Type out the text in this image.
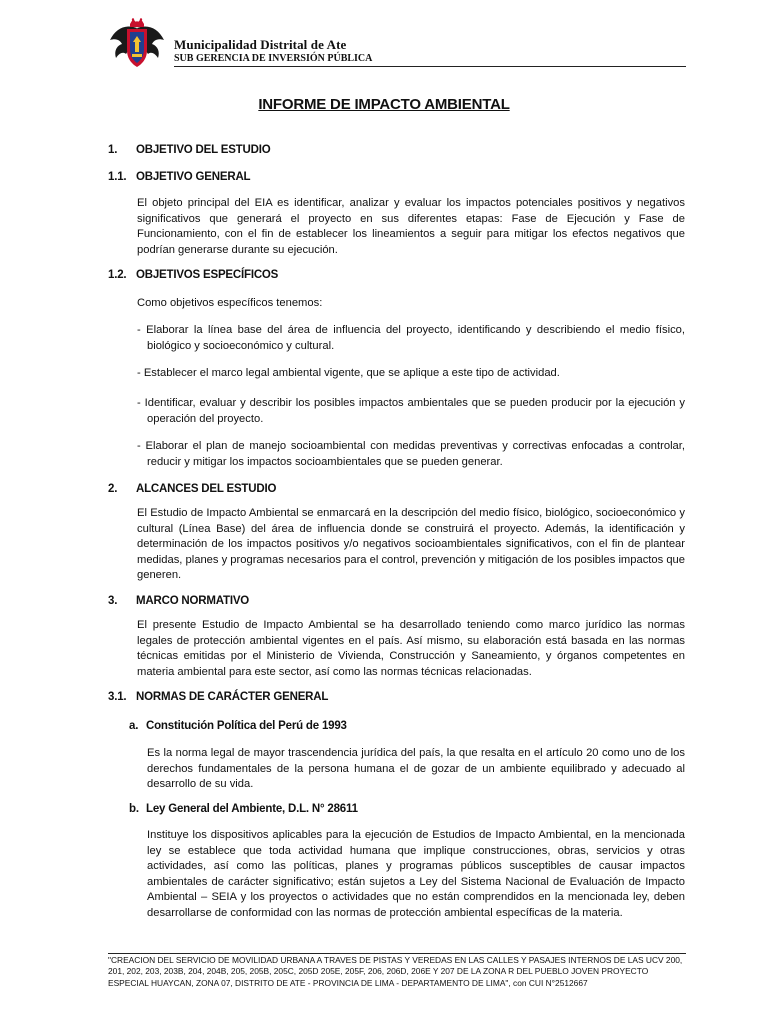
Municipalidad Distrital de Ate
SUB GERENCIA DE INVERSIÓN PÚBLICA
INFORME DE IMPACTO AMBIENTAL
1. OBJETIVO DEL ESTUDIO
1.1. OBJETIVO GENERAL
El objeto principal del EIA es identificar, analizar y evaluar los impactos potenciales positivos y negativos significativos que generará el proyecto en sus diferentes etapas: Fase de Ejecución y Fase de Funcionamiento, con el fin de establecer los lineamientos a seguir para mitigar los efectos negativos que podrían generarse durante su ejecución.
1.2. OBJETIVOS ESPECÍFICOS
Como objetivos específicos tenemos:
- Elaborar la línea base del área de influencia del proyecto, identificando y describiendo el medio físico, biológico y socioeconómico y cultural.
- Establecer el marco legal ambiental vigente, que se aplique a este tipo de actividad.
- Identificar, evaluar y describir los posibles impactos ambientales que se pueden producir por la ejecución y operación del proyecto.
- Elaborar el plan de manejo socioambiental con medidas preventivas y correctivas enfocadas a controlar, reducir y mitigar los impactos socioambientales que se pueden generar.
2. ALCANCES DEL ESTUDIO
El Estudio de Impacto Ambiental se enmarcará en la descripción del medio físico, biológico, socioeconómico y cultural (Línea Base) del área de influencia donde se construirá el proyecto. Además, la identificación y determinación de los impactos positivos y/o negativos socioambientales significativos, con el fin de plantear medidas, planes y programas necesarios para el control, prevención y mitigación de los posibles impactos que generen.
3. MARCO NORMATIVO
El presente Estudio de Impacto Ambiental se ha desarrollado teniendo como marco jurídico las normas legales de protección ambiental vigentes en el país. Así mismo, su elaboración está basada en las normas técnicas emitidas por el Ministerio de Vivienda, Construcción y Saneamiento, y órganos competentes en materia ambiental para este sector, así como las normas técnicas relacionadas.
3.1. NORMAS DE CARÁCTER GENERAL
a. Constitución Política del Perú de 1993
Es la norma legal de mayor trascendencia jurídica del país, la que resalta en el artículo 20 como uno de los derechos fundamentales de la persona humana el de gozar de un ambiente equilibrado y adecuado al desarrollo de su vida.
b. Ley General del Ambiente, D.L. N° 28611
Instituye los dispositivos aplicables para la ejecución de Estudios de Impacto Ambiental, en la mencionada ley se establece que toda actividad humana que implique construcciones, obras, servicios y otras actividades, así como las políticas, planes y programas públicos susceptibles de causar impactos ambientales de carácter significativo; están sujetos a Ley del Sistema Nacional de Evaluación de Impacto Ambiental – SEIA y los proyectos o actividades que no están comprendidos en la mencionada ley, deben desarrollarse de conformidad con las normas de protección ambiental específicas de la materia.
"CREACION DEL SERVICIO DE MOVILIDAD URBANA A TRAVES DE PISTAS Y VEREDAS EN LAS CALLES Y PASAJES INTERNOS DE LAS UCV 200, 201, 202, 203, 203B, 204, 204B, 205, 205B, 205C, 205D 205E, 205F, 206, 206D, 206E Y 207 DE LA ZONA R DEL PUEBLO JOVEN PROYECTO ESPECIAL HUAYCAN, ZONA 07, DISTRITO DE ATE - PROVINCIA DE LIMA - DEPARTAMENTO DE LIMA", con CUI N°2512667
